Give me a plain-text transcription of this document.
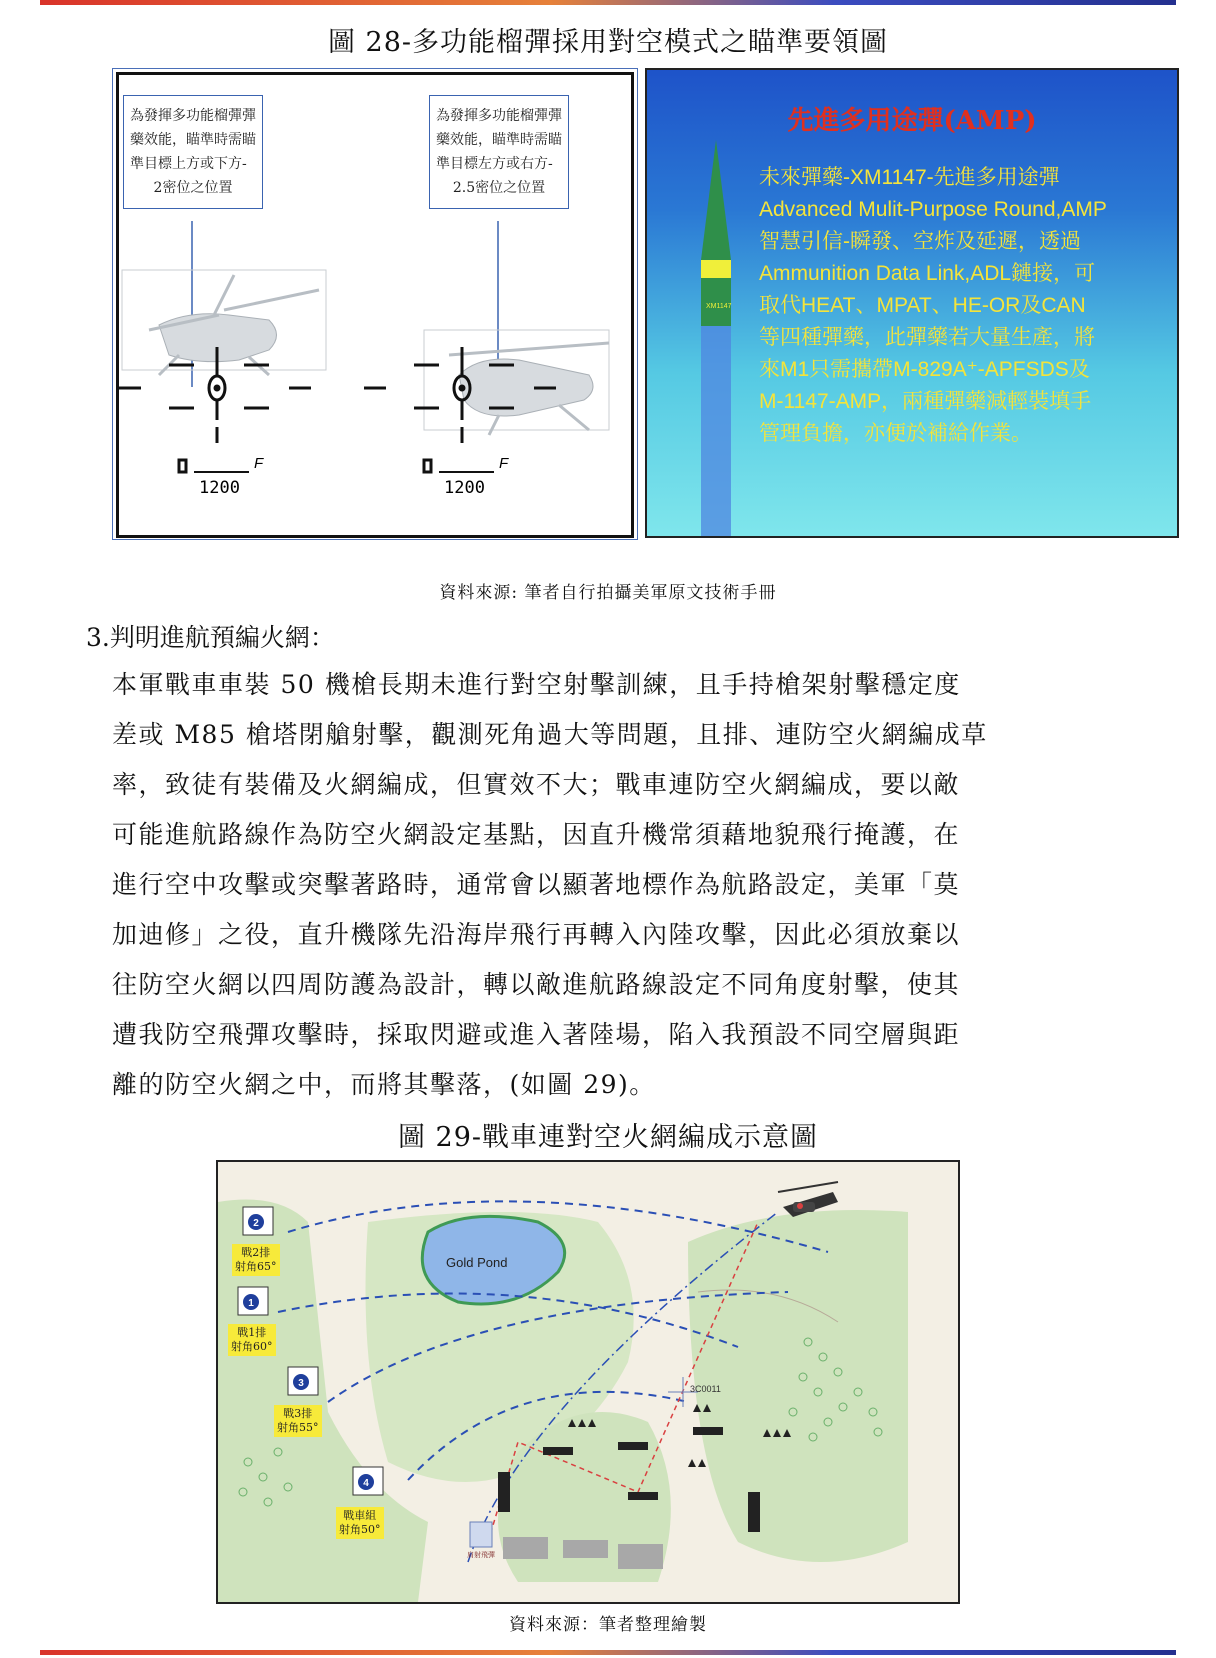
圖 28-多功能榴彈採用對空模式之瞄準要領圖
為發揮多功能榴彈彈
藥效能，瞄準時需瞄
準目標上方或下方-
2密位之位置
為發揮多功能榴彈彈
藥效能，瞄準時需瞄
準目標左方或右方-
2.5密位之位置
F	F
1200	1200
先進多用途彈(AMP)
XM1147
未來彈藥-XM1147-先進多用途彈
Advanced Mulit-Purpose Round,AMP
智慧引信-瞬發、空炸及延遲，透過
Ammunition Data Link,ADL鏈接，可
取代HEAT、MPAT、HE-OR及CAN
等四種彈藥，此彈藥若大量生產，將
來M1只需攜帶M-829A⁺-APFSDS及
M-1147-AMP，兩種彈藥減輕裝填手
管理負擔，亦便於補給作業。
資料來源: 筆者自行拍攝美軍原文技術手冊
3.判明進航預編火網：

本軍戰車車裝 50 機槍長期未進行對空射擊訓練，且手持槍架射擊穩定度

差或 M85 槍塔閉艙射擊，觀測死角過大等問題，且排、連防空火網編成草

率，致徒有裝備及火網編成，但實效不大；戰車連防空火網編成，要以敵

可能進航路線作為防空火網設定基點，因直升機常須藉地貌飛行掩護，在

進行空中攻擊或突擊著路時，通常會以顯著地標作為航路設定，美軍「莫

加迪修」之役，直升機隊先沿海岸飛行再轉入內陸攻擊，因此必須放棄以

往防空火網以四周防護為設計，轉以敵進航路線設定不同角度射擊，使其

遭我防空飛彈攻擊時，採取閃避或進入著陸場，陷入我預設不同空層與距

離的防空火網之中，而將其擊落，(如圖 29)。

圖 29-戰車連對空火網編成示意圖
2
1
3
4
肩射飛彈
3C0011
Gold Pond
戰2排
射角65°
戰1排
射角60°
戰3排
射角55°
戰車組
射角50°
資料來源：筆者整理繪製
